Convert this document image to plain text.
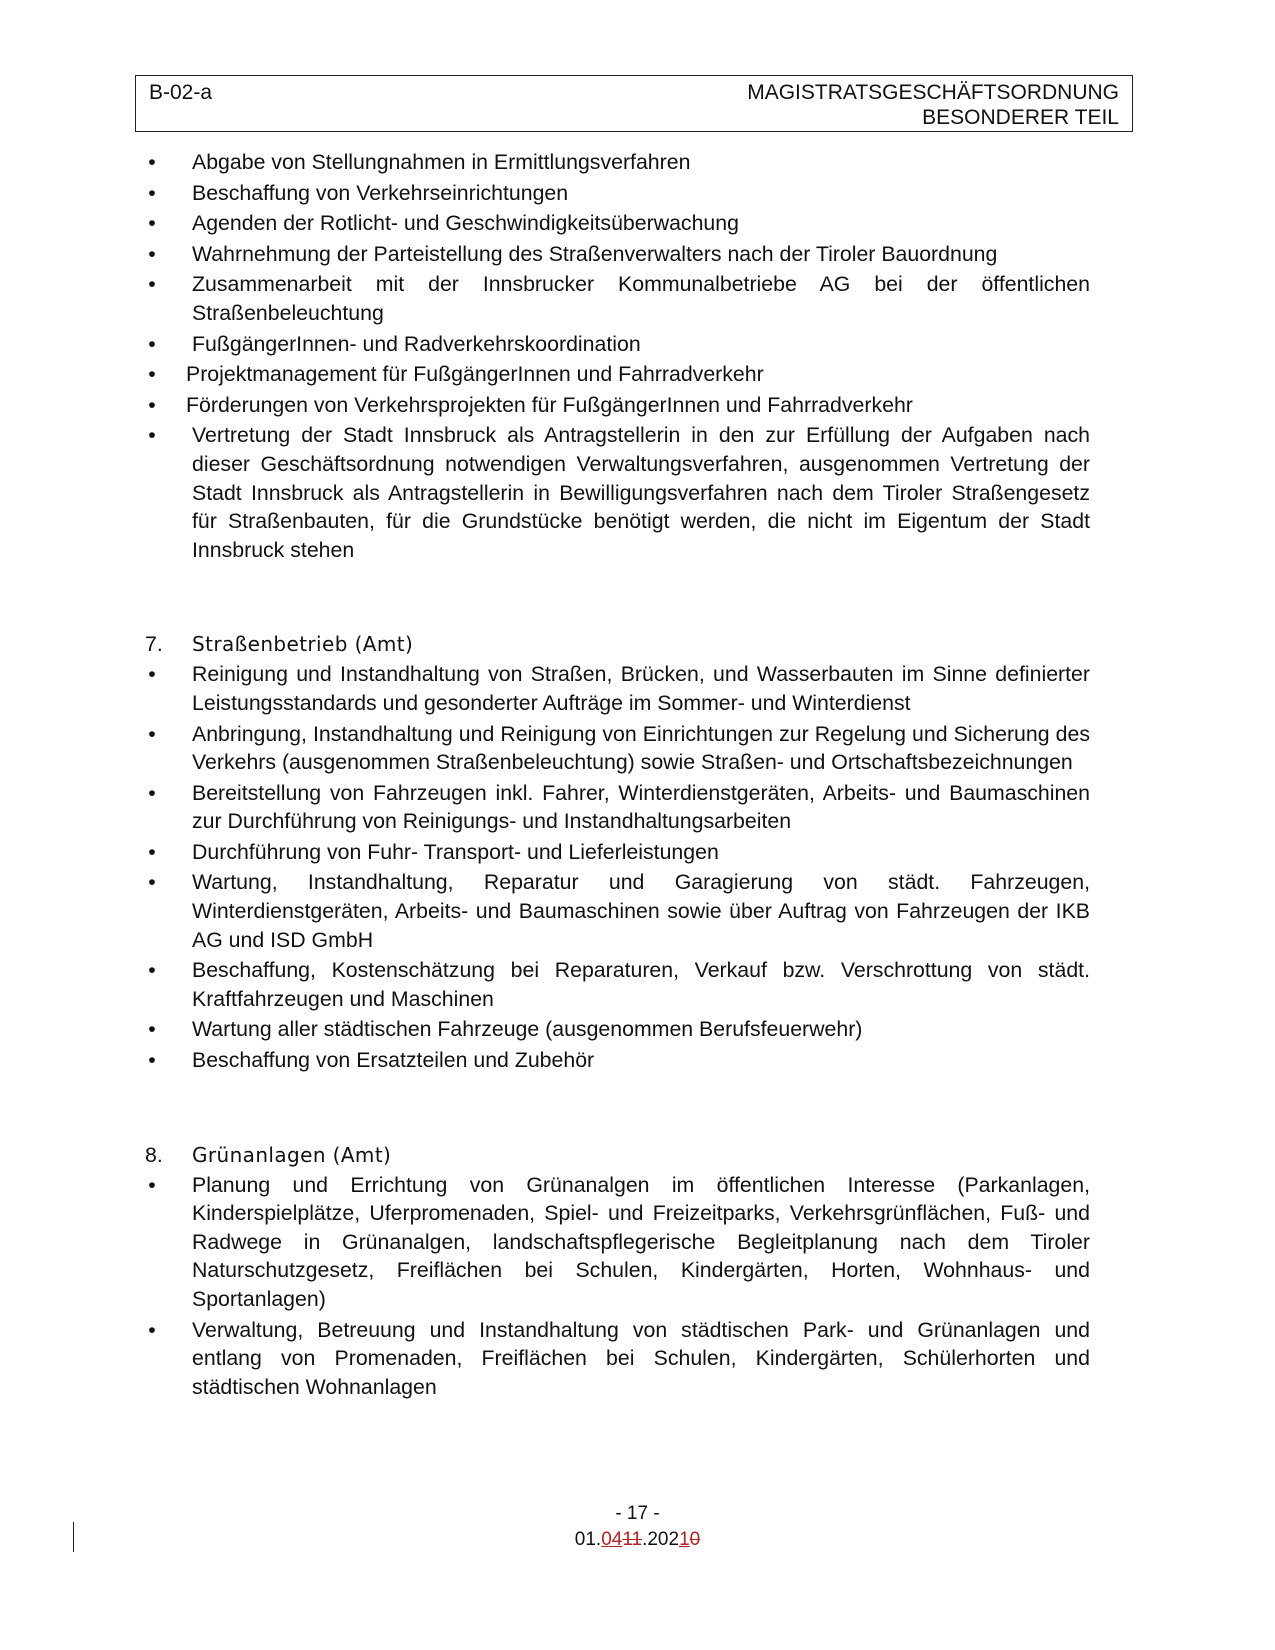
B-02-a	MAGISTRATSGESCHÄFTSORDNUNG
BESONDERER TEIL
• Abgabe von Stellungnahmen in Ermittlungsverfahren
• Beschaffung von Verkehrseinrichtungen
• Agenden der Rotlicht- und Geschwindigkeitsüberwachung
• Wahrnehmung der Parteistellung des Straßenverwalters nach der Tiroler Bauordnung
• Zusammenarbeit mit der Innsbrucker Kommunalbetriebe AG bei der öffentlichen Straßenbeleuchtung
• FußgängerInnen- und Radverkehrskoordination
• Projektmanagement für FußgängerInnen und Fahrradverkehr
• Förderungen von Verkehrsprojekten für FußgängerInnen und Fahrradverkehr
• Vertretung der Stadt Innsbruck als Antragstellerin in den zur Erfüllung der Aufgaben nach dieser Geschäftsordnung notwendigen Verwaltungsverfahren, ausgenommen Vertretung der Stadt Innsbruck als Antragstellerin in Bewilligungsverfahren nach dem Tiroler Straßengesetz für Straßenbauten, für die Grundstücke benötigt werden, die nicht im Eigentum der Stadt Innsbruck stehen
7. Straßenbetrieb (Amt)
• Reinigung und Instandhaltung von Straßen, Brücken, und Wasserbauten im Sinne definierter Leistungsstandards und gesonderter Aufträge im Sommer- und Winterdienst
• Anbringung, Instandhaltung und Reinigung von Einrichtungen zur Regelung und Sicherung des Verkehrs (ausgenommen Straßenbeleuchtung) sowie Straßen- und Ortschaftsbezeichnungen
• Bereitstellung von Fahrzeugen inkl. Fahrer, Winterdienstgeräten, Arbeits- und Baumaschinen zur Durchführung von Reinigungs- und Instandhaltungsarbeiten
• Durchführung von Fuhr- Transport- und Lieferleistungen
• Wartung, Instandhaltung, Reparatur und Garagierung von städt. Fahrzeugen, Winterdienstgeräten, Arbeits- und Baumaschinen sowie über Auftrag von Fahrzeugen der IKB AG und ISD GmbH
• Beschaffung, Kostenschätzung bei Reparaturen, Verkauf bzw. Verschrottung von städt. Kraftfahrzeugen und Maschinen
• Wartung aller städtischen Fahrzeuge (ausgenommen Berufsfeuerwehr)
• Beschaffung von Ersatzteilen und Zubehör
8. Grünanlagen (Amt)
• Planung und Errichtung von Grünanalgen im öffentlichen Interesse (Parkanlagen, Kinderspielplätze, Uferpromenaden, Spiel- und Freizeitparks, Verkehrsgrünflächen, Fuß- und Radwege in Grünanalgen, landschaftspflegerische Begleitplanung nach dem Tiroler Naturschutzgesetz, Freiflächen bei Schulen, Kindergärten, Horten, Wohnhaus- und Sportanlagen)
• Verwaltung, Betreuung und Instandhaltung von städtischen Park- und Grünanlagen und entlang von Promenaden, Freiflächen bei Schulen, Kindergärten, Schülerhorten und städtischen Wohnanlagen
- 17 -
01.0411.20210
